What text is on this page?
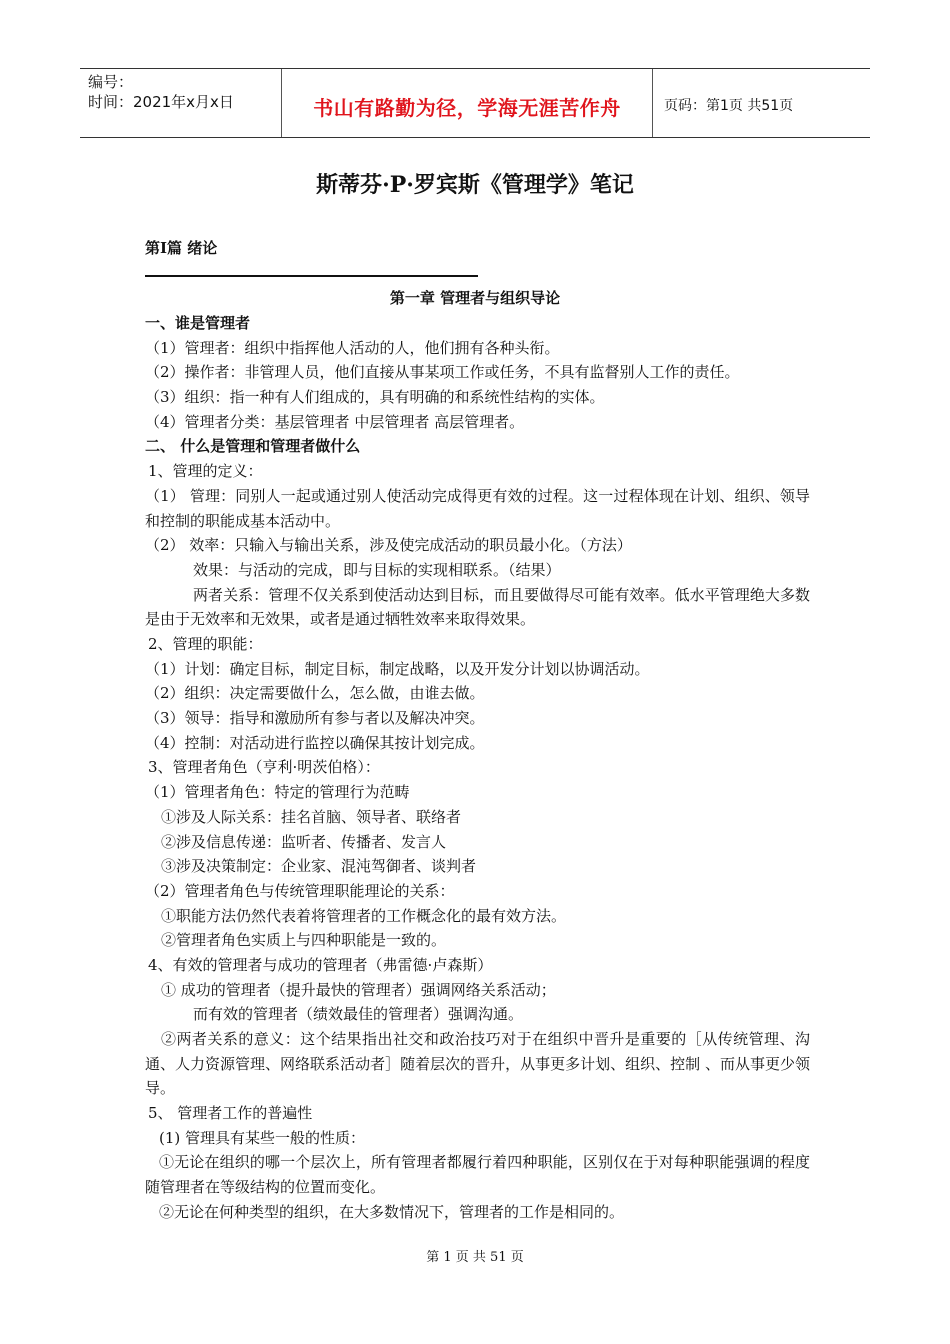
编号：
时间：2021年x月x日	书山有路勤为径，学海无涯苦作舟	页码：第1页 共51页
斯蒂芬·P·罗宾斯《管理学》笔记
第Ⅰ篇 绪论
第一章 管理者与组织导论
一、谁是管理者
（1）管理者：组织中指挥他人活动的人，他们拥有各种头衔。
（2）操作者：非管理人员，他们直接从事某项工作或任务，不具有监督别人工作的责任。
（3）组织：指一种有人们组成的，具有明确的和系统性结构的实体。
（4）管理者分类：基层管理者 中层管理者 高层管理者。
二、 什么是管理和管理者做什么
1、管理的定义：
（1） 管理：同别人一起或通过别人使活动完成得更有效的过程。这一过程体现在计划、组织、领导和控制的职能成基本活动中。
（2） 效率：只输入与输出关系，涉及使完成活动的职员最小化。（方法）
效果：与活动的完成，即与目标的实现相联系。（结果）
两者关系：管理不仅关系到使活动达到目标，而且要做得尽可能有效率。低水平管理绝大多数是由于无效率和无效果，或者是通过牺牲效率来取得效果。
2、管理的职能：
（1）计划：确定目标，制定目标，制定战略，以及开发分计划以协调活动。
（2）组织：决定需要做什么，怎么做，由谁去做。
（3）领导：指导和激励所有参与者以及解决冲突。
（4）控制：对活动进行监控以确保其按计划完成。
3、管理者角色（亨利·明茨伯格）：
（1）管理者角色：特定的管理行为范畴
①涉及人际关系：挂名首脑、领导者、联络者
②涉及信息传递：监听者、传播者、发言人
③涉及决策制定：企业家、混沌驾御者、谈判者
（2）管理者角色与传统管理职能理论的关系：
①职能方法仍然代表着将管理者的工作概念化的最有效方法。
②管理者角色实质上与四种职能是一致的。
4、有效的管理者与成功的管理者（弗雷德·卢森斯）
① 成功的管理者（提升最快的管理者）强调网络关系活动；
而有效的管理者（绩效最佳的管理者）强调沟通。
②两者关系的意义：这个结果指出社交和政治技巧对于在组织中晋升是重要的［从传统管理、沟通、人力资源管理、网络联系活动者］随着层次的晋升，从事更多计划、组织、控制 、而从事更少领导。
5、 管理者工作的普遍性
(1) 管理具有某些一般的性质：
①无论在组织的哪一个层次上，所有管理者都履行着四种职能，区别仅在于对每种职能强调的程度随管理者在等级结构的位置而变化。
②无论在何种类型的组织，在大多数情况下，管理者的工作是相同的。
第 1 页 共 51 页
